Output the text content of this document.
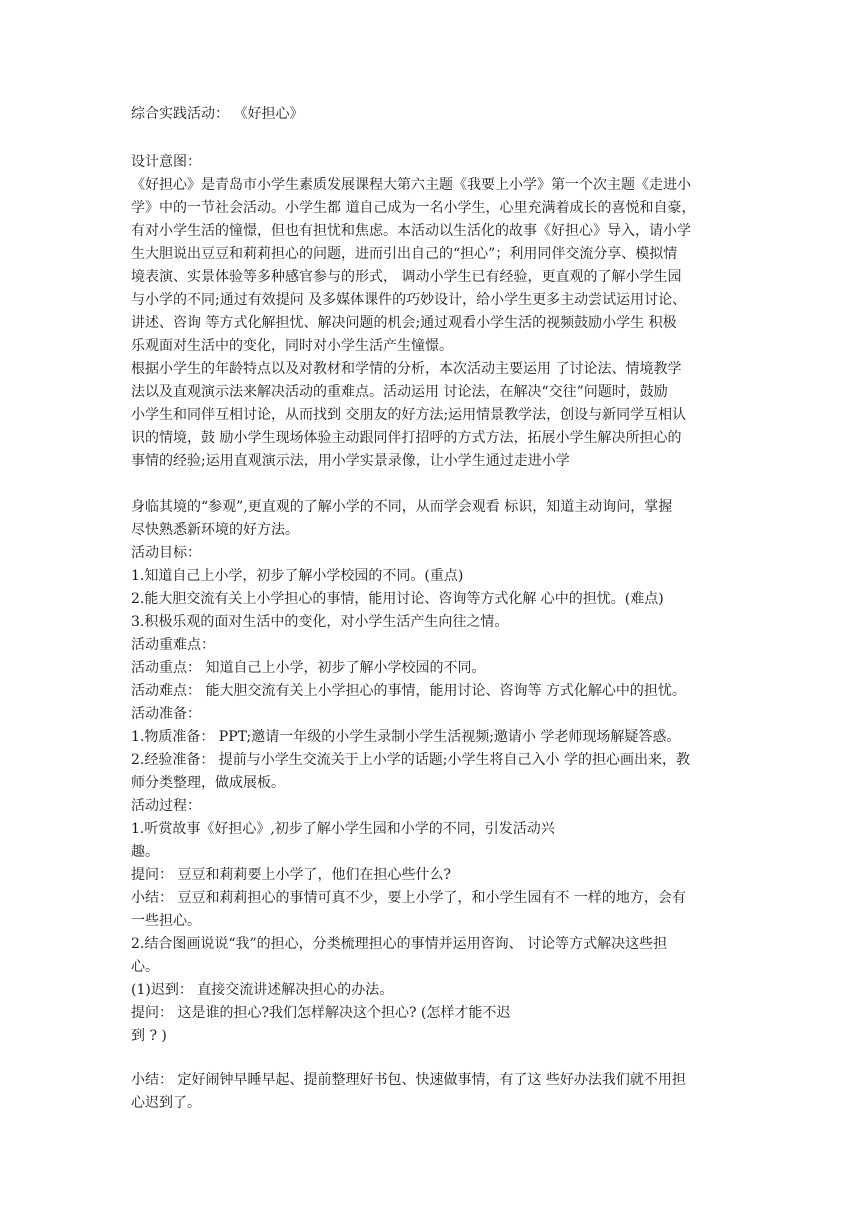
综合实践活动： 《好担心》
设计意图：
《好担心》是青岛市小学生素质发展课程大第六主题《我要上小学》第一个次主题《走进小
学》中的一节社会活动。小学生都 道自己成为一名小学生，心里充满着成长的喜悦和自豪，
有对小学生活的憧憬，但也有担忧和焦虑。本活动以生活化的故事《好担心》导入，请小学
生大胆说出豆豆和莉莉担心的问题，进而引出自己的“担心”；利用同伴交流分享、模拟情
境表演、实景体验等多种感官参与的形式， 调动小学生已有经验，更直观的了解小学生园
与小学的不同;通过有效提问 及多媒体课件的巧妙设计，给小学生更多主动尝试运用讨论、
讲述、咨询 等方式化解担忧、解决问题的机会;通过观看小学生活的视频鼓励小学生 积极
乐观面对生活中的变化，同时对小学生活产生憧憬。
根据小学生的年龄特点以及对教材和学情的分析，本次活动主要运用 了讨论法、情境教学
法以及直观演示法来解决活动的重难点。活动运用 讨论法，在解决“交往”问题时，鼓励
小学生和同伴互相讨论，从而找到 交朋友的好方法;运用情景教学法，创设与新同学互相认
识的情境，鼓 励小学生现场体验主动跟同伴打招呼的方式方法，拓展小学生解决所担心的
事情的经验;运用直观演示法，用小学实景录像，让小学生通过走进小学
身临其境的“参观”,更直观的了解小学的不同，从而学会观看 标识，知道主动询问，掌握
尽快熟悉新环境的好方法。
活动目标：
1.知道自己上小学，初步了解小学校园的不同。(重点)
2.能大胆交流有关上小学担心的事情，能用讨论、咨询等方式化解 心中的担忧。(难点)
3.积极乐观的面对生活中的变化，对小学生活产生向往之情。
活动重难点：
活动重点： 知道自己上小学，初步了解小学校园的不同。
活动难点： 能大胆交流有关上小学担心的事情，能用讨论、咨询等 方式化解心中的担忧。
活动准备：
1.物质准备： PPT;邀请一年级的小学生录制小学生活视频;邀请小 学老师现场解疑答惑。
2.经验准备： 提前与小学生交流关于上小学的话题;小学生将自己入小 学的担心画出来，教
师分类整理，做成展板。
活动过程：
1.听赏故事《好担心》,初步了解小学生园和小学的不同，引发活动兴
趣。
提问： 豆豆和莉莉要上小学了，他们在担心些什么?
小结： 豆豆和莉莉担心的事情可真不少，要上小学了，和小学生园有不 一样的地方，会有
一些担心。
2.结合图画说说“我”的担心，分类梳理担心的事情并运用咨询、 讨论等方式解决这些担
心。
(1)迟到： 直接交流讲述解决担心的办法。
提问： 这是谁的担心?我们怎样解决这个担心? (怎样才能不迟
到 ? )
小结： 定好闹钟早睡早起、提前整理好书包、快速做事情，有了这 些好办法我们就不用担
心迟到了。
